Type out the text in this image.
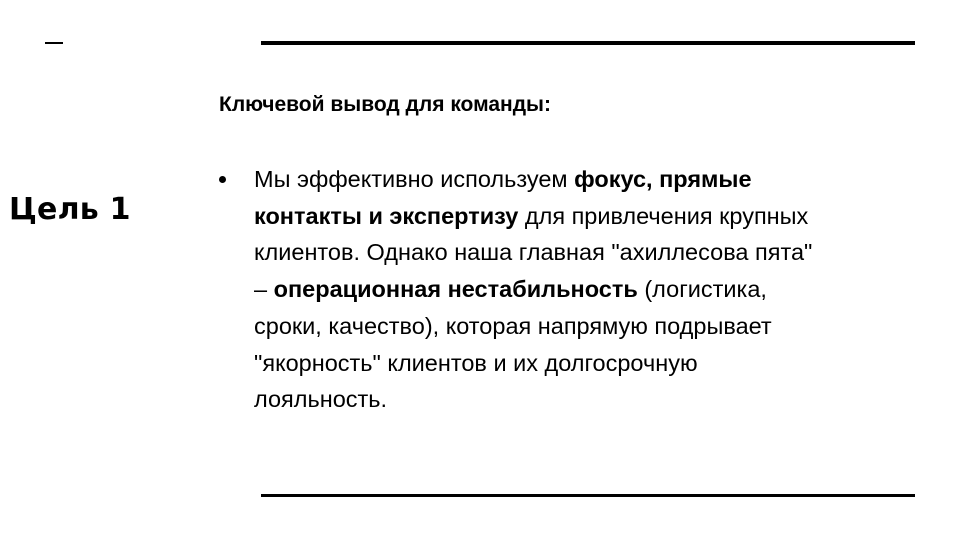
Цель 1
Ключевой вывод для команды:
Мы эффективно используем фокус, прямые
контакты и экспертизу для привлечения крупных
клиентов. Однако наша главная "ахиллесова пята"
– операционная нестабильность (логистика,
сроки, качество), которая напрямую подрывает
"якорность" клиентов и их долгосрочную
лояльность.
